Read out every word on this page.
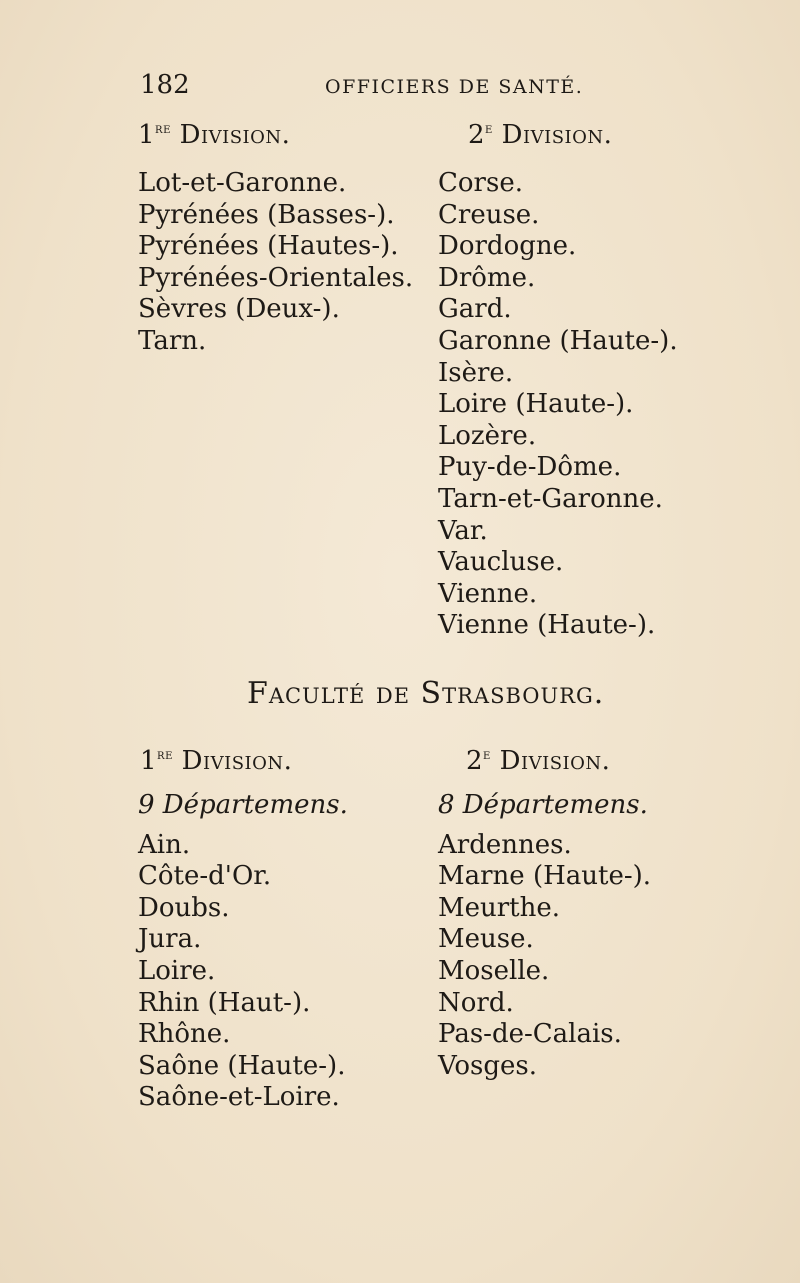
182	OFFICIERS DE SANTÉ.
1re Division.	2e Division.
Lot-et-Garonne.
Pyrénées (Basses-).
Pyrénées (Hautes-).
Pyrénées-Orientales.
Sèvres (Deux-).
Tarn.
Corse.
Creuse.
Dordogne.
Drôme.
Gard.
Garonne (Haute-).
Isère.
Loire (Haute-).
Lozère.
Puy-de-Dôme.
Tarn-et-Garonne.
Var.
Vaucluse.
Vienne.
Vienne (Haute-).
Faculté de Strasbourg.
1re Division.	2e Division.
9 Départemens.
Ain.
Côte-d'Or.
Doubs.
Jura.
Loire.
Rhin (Haut-).
Rhône.
Saône (Haute-).
Saône-et-Loire.
8 Départemens.
Ardennes.
Marne (Haute-).
Meurthe.
Meuse.
Moselle.
Nord.
Pas-de-Calais.
Vosges.
